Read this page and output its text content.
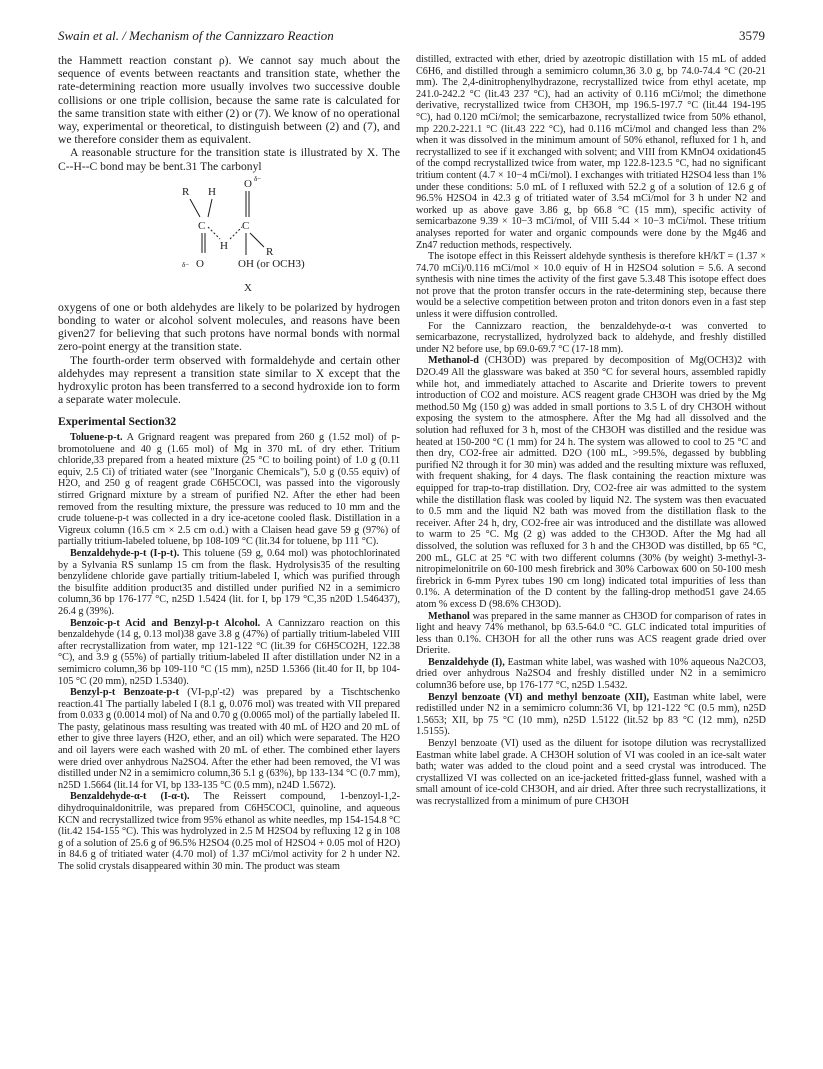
Swain et al. / Mechanism of the Cannizzaro Reaction	3579

the Hammett reaction constant ρ). We cannot say much about the sequence of events between reactants and transition state, whether the rate-determining reaction more usually involves two successive double collisions or one triple collision, because the same rate is calculated for the same transition state with either (2) or (7). We know of no operational way, experimental or theoretical, to distinguish between (2) and (7), and we therefore consider them as equivalent.

A reasonable structure for the transition state is illustrated by X. The C--H--C bond may be bent.31 The carbonyl

R H
O δ−
C	C
H	R
δ− O	OH (or OCH3)
X

oxygens of one or both aldehydes are likely to be polarized by hydrogen bonding to water or alcohol solvent molecules, and reasons have been given27 for believing that such protons have normal bonds with normal zero-point energy at the transition state.

The fourth-order term observed with formaldehyde and certain other aldehydes may represent a transition state similar to X except that the hydroxylic proton has been transferred to a second hydroxide ion to form a separate water molecule.

Experimental Section32

Toluene-p-t. A Grignard reagent was prepared from 260 g (1.52 mol) of p-bromotoluene and 40 g (1.65 mol) of Mg in 370 mL of dry ether. Tritium chloride,33 prepared from a heated mixture (25 °C to boiling point) of 1.0 g (0.11 equiv, 2.5 Ci) of tritiated water (see "Inorganic Chemicals"), 5.0 g (0.55 equiv) of H2O, and 250 g of reagent grade C6H5COCl, was passed into the vigorously stirred Grignard mixture by a stream of purified N2. After the ether had been removed from the resulting mixture, the pressure was reduced to 10 mm and the crude toluene-p-t was collected in a dry ice-acetone cooled flask. Distillation in a Vigreux column (16.5 cm × 2.5 cm o.d.) with a Claisen head gave 59 g (97%) of partially tritium-labeled toluene, bp 108-109 °C (lit.34 for toluene, bp 111 °C).

Benzaldehyde-p-t (I-p-t). This toluene (59 g, 0.64 mol) was photochlorinated by a Sylvania RS sunlamp 15 cm from the flask. Hydrolysis35 of the resulting benzylidene chloride gave partially tritium-labeled I, which was purified through the bisulfite addition product35 and distilled under purified N2 in a semimicro column,36 bp 176-177 °C, n25D 1.5424 (lit. for I, bp 179 °C,35 n20D 1.546437), 26.4 g (39%).

Benzoic-p-t Acid and Benzyl-p-t Alcohol. A Cannizzaro reaction on this benzaldehyde (14 g, 0.13 mol)38 gave 3.8 g (47%) of partially tritium-labeled VIII after recrystallization from water, mp 121-122 °C (lit.39 for C6H5CO2H, 122.38 °C), and 3.9 g (55%) of partially tritium-labeled II after distillation under N2 in a semimicro column,36 bp 109-110 °C (15 mm), n25D 1.5366 (lit.40 for II, bp 104-105 °C (20 mm), n25D 1.5340).

Benzyl-p-t Benzoate-p-t (VI-p,p'-t2) was prepared by a Tischtschenko reaction.41 The partially labeled I (8.1 g, 0.076 mol) was treated with VII prepared from 0.033 g (0.0014 mol) of Na and 0.70 g (0.0065 mol) of the partially labeled II. The pasty, gelatinous mass resulting was treated with 40 mL of H2O and 20 mL of ether to give three layers (H2O, ether, and an oil) which were separated. The H2O and oil layers were each washed with 20 mL of ether. The combined ether layers were dried over anhydrous Na2SO4. After the ether had been removed, the VI was distilled under N2 in a semimicro column,36 5.1 g (63%), bp 133-134 °C (0.7 mm), n25D 1.5664 (lit.14 for VI, bp 133-135 °C (0.5 mm), n24D 1.5672).

Benzaldehyde-α-t (I-α-t). The Reissert compound, 1-benzoyl-1,2-dihydroquinaldonitrile, was prepared from C6H5COCl, quinoline, and aqueous KCN and recrystallized twice from 95% ethanol as white needles, mp 154-154.8 °C (lit.42 154-155 °C). This was hydrolyzed in 2.5 M H2SO4 by refluxing 12 g in 108 g of a solution of 25.6 g of 96.5% H2SO4 (0.25 mol of H2SO4 + 0.05 mol of H2O) in 84.6 g of tritiated water (4.70 mol) of 1.37 mCi/mol activity for 2 h under N2. The solid crystals disappeared within 30 min. The product was steam

distilled, extracted with ether, dried by azeotropic distillation with 15 mL of added C6H6, and distilled through a semimicro column,36 3.0 g, bp 74.0-74.4 °C (20-21 mm). The 2,4-dinitrophenylhydrazone, recrystallized twice from ethyl acetate, mp 241.0-242.2 °C (lit.43 237 °C), had an activity of 0.116 mCi/mol; the dimethone derivative, recrystallized twice from CH3OH, mp 196.5-197.7 °C (lit.44 194-195 °C), had 0.120 mCi/mol; the semicarbazone, recrystallized twice from 50% ethanol, mp 220.2-221.1 °C (lit.43 222 °C), had 0.116 mCi/mol and changed less than 2% when it was dissolved in the minimum amount of 50% ethanol, refluxed for 1 h, and recrystallized to see if it exchanged with solvent; and VIII from KMnO4 oxidation45 of the compd recrystallized twice from water, mp 122.8-123.5 °C, had no significant tritium content (4.7 × 10−4 mCi/mol). I exchanges with tritiated H2SO4 less than 1% under these conditions: 5.0 mL of I refluxed with 52.2 g of a solution of 12.6 g of 96.5% H2SO4 in 42.3 g of tritiated water of 3.54 mCi/mol for 3 h under N2 and worked up as above gave 3.86 g, bp 66.8 °C (15 mm), specific activity of semicarbazone 9.39 × 10−3 mCi/mol, of VIII 5.44 × 10−3 mCi/mol. These tritium analyses reported for water and organic compounds were done by the Mg46 and Zn47 reduction methods, respectively.

The isotope effect in this Reissert aldehyde synthesis is therefore kH/kT = (1.37 × 74.70 mCi)/0.116 mCi/mol × 10.0 equiv of H in H2SO4 solution = 5.6. A second synthesis with nine times the activity of the first gave 5.3.48 This isotope effect does not prove that the proton transfer occurs in the rate-determining step, because there would be a selective competition between proton and triton donors even in a fast step unless it were diffusion controlled.

For the Cannizzaro reaction, the benzaldehyde-α-t was converted to semicarbazone, recrystallized, hydrolyzed back to aldehyde, and freshly distilled under N2 before use, bp 69.0-69.7 °C (17-18 mm).

Methanol-d (CH3OD) was prepared by decomposition of Mg(OCH3)2 with D2O.49 All the glassware was baked at 350 °C for several hours, assembled rapidly while hot, and immediately attached to Ascarite and Drierite towers to prevent introduction of CO2 and moisture. ACS reagent grade CH3OH was dried by the Mg method.50 Mg (150 g) was added in small portions to 3.5 L of dry CH3OH without exposing the system to the atmosphere. After the Mg had all dissolved and the solution had refluxed for 3 h, most of the CH3OH was distilled and the residue was heated at 150-200 °C (1 mm) for 24 h. The system was allowed to cool to 25 °C and then dry, CO2-free air admitted. D2O (100 mL, >99.5%, degassed by bubbling purified N2 through it for 30 min) was added and the resulting mixture was refluxed, with frequent shaking, for 4 days. The flask containing the reaction mixture was equipped for trap-to-trap distillation. Dry, CO2-free air was admitted to the system while the distillation flask was cooled by liquid N2. The system was then evacuated to 0.5 mm and the liquid N2 bath was moved from the distillation flask to the receiver. After 24 h, dry, CO2-free air was introduced and the distillate was allowed to warm to 25 °C. Mg (2 g) was added to the CH3OD. After the Mg had all dissolved, the solution was refluxed for 3 h and the CH3OD was distilled, bp 65 °C, 200 mL, GLC at 25 °C with two different columns (30% (by weight) 3-methyl-3-nitropimelonitrile on 60-100 mesh firebrick and 30% Carbowax 600 on 50-100 mesh firebrick in 6-mm Pyrex tubes 190 cm long) indicated total impurities of less than 0.1%. A determination of the D content by the falling-drop method51 gave 24.65 atom % excess D (98.6% CH3OD).

Methanol was prepared in the same manner as CH3OD for comparison of rates in light and heavy 74% methanol, bp 63.5-64.0 °C. GLC indicated total impurities of less than 0.1%. CH3OH for all the other runs was ACS reagent grade dried over Drierite.

Benzaldehyde (I), Eastman white label, was washed with 10% aqueous Na2CO3, dried over anhydrous Na2SO4 and freshly distilled under N2 in a semimicro column36 before use, bp 176-177 °C, n25D 1.5432.

Benzyl benzoate (VI) and methyl benzoate (XII), Eastman white label, were redistilled under N2 in a semimicro column:36 VI, bp 121-122 °C (0.5 mm), n25D 1.5653; XII, bp 75 °C (10 mm), n25D 1.5122 (lit.52 bp 83 °C (12 mm), n25D 1.5155).

Benzyl benzoate (VI) used as the diluent for isotope dilution was recrystallized Eastman white label grade. A CH3OH solution of VI was cooled in an ice-salt water bath; water was added to the cloud point and a seed crystal was introduced. The crystallized VI was collected on an ice-jacketed fritted-glass funnel, washed with a small amount of ice-cold CH3OH, and air dried. After three such recrystallizations, it was recrystallized from a minimum of pure CH3OH
